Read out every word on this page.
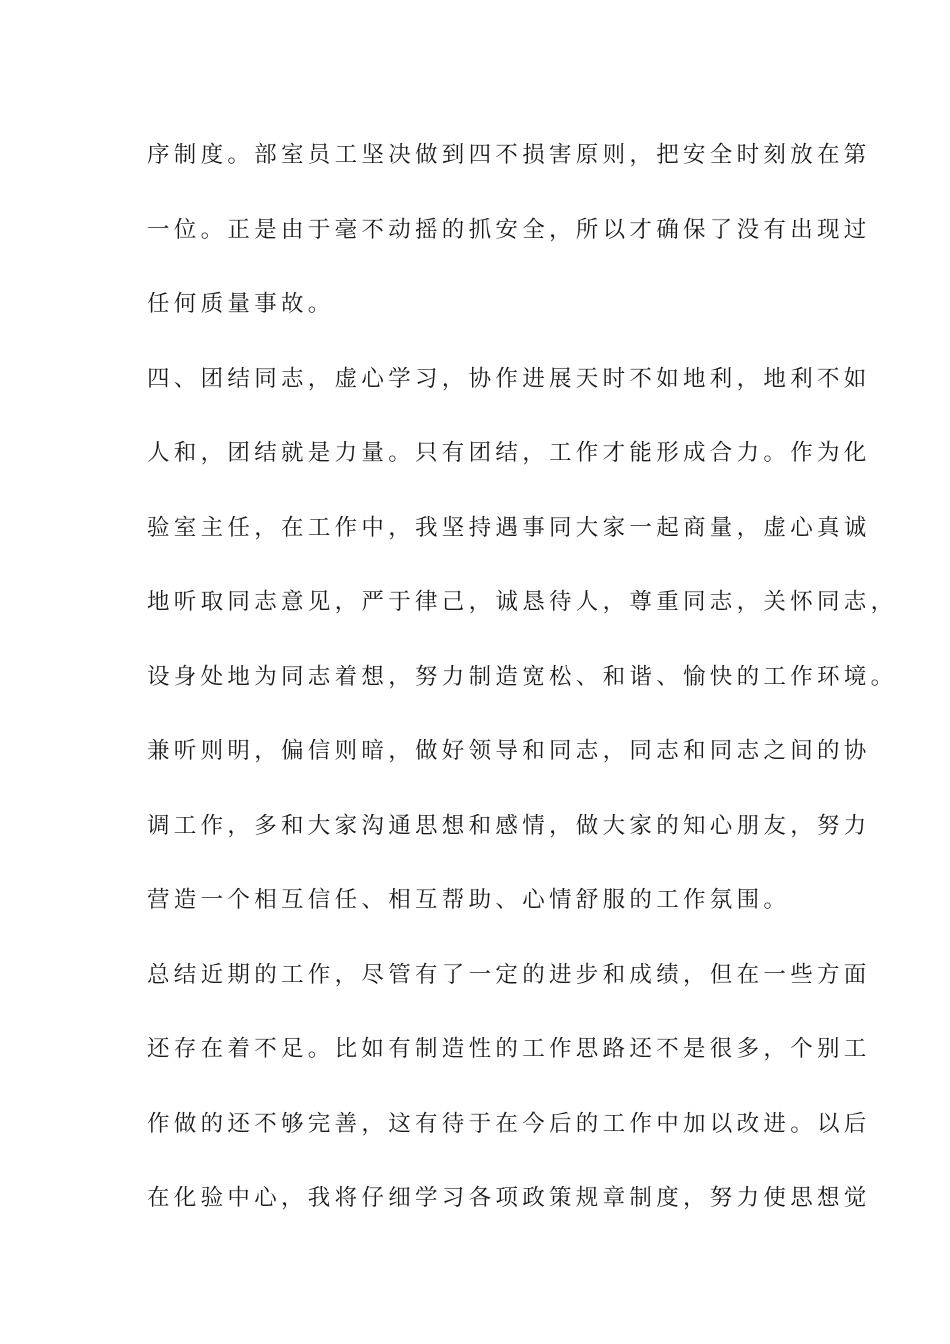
序制度。部室员工坚决做到四不损害原则，把安全时刻放在第

一位。正是由于毫不动摇的抓安全，所以才确保了没有出现过

任何质量事故。

四、团结同志，虚心学习，协作进展天时不如地利，地利不如

人和，团结就是力量。只有团结，工作才能形成合力。作为化

验室主任，在工作中，我坚持遇事同大家一起商量，虚心真诚

地听取同志意见，严于律己，诚恳待人，尊重同志，关怀同志，

设身处地为同志着想，努力制造宽松、和谐、愉快的工作环境。

兼听则明，偏信则暗，做好领导和同志，同志和同志之间的协

调工作，多和大家沟通思想和感情，做大家的知心朋友，努力

营造一个相互信任、相互帮助、心情舒服的工作氛围。

总结近期的工作，尽管有了一定的进步和成绩，但在一些方面

还存在着不足。比如有制造性的工作思路还不是很多，个别工

作做的还不够完善，这有待于在今后的工作中加以改进。以后

在化验中心，我将仔细学习各项政策规章制度，努力使思想觉
